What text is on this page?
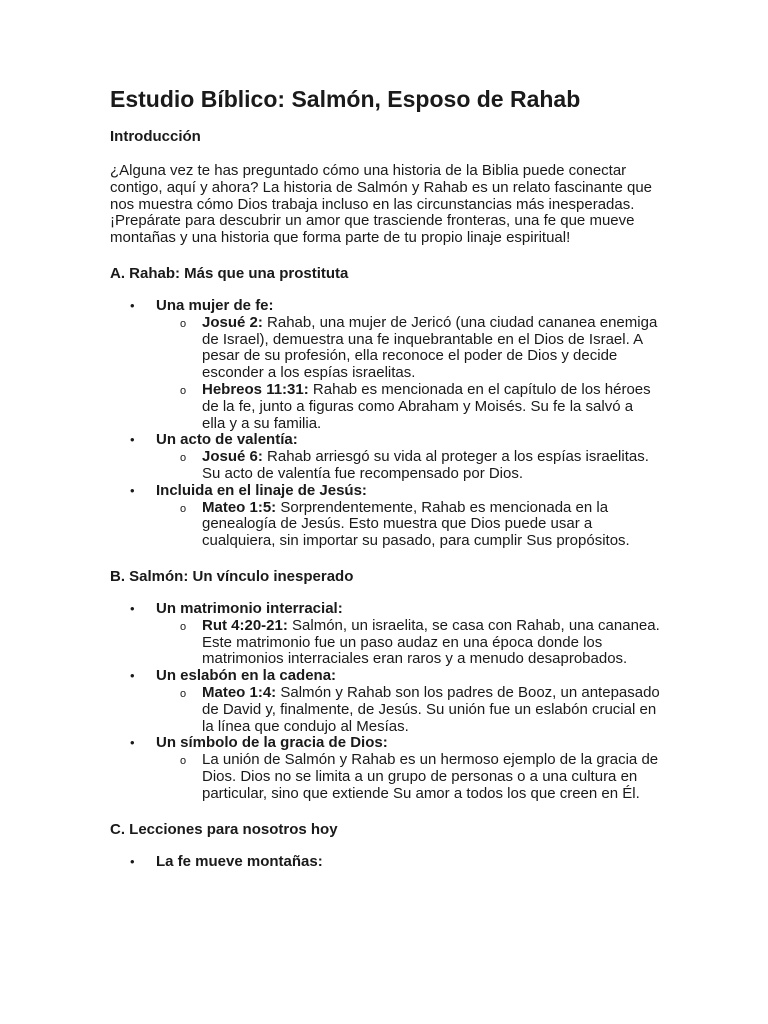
Estudio Bíblico: Salmón, Esposo de Rahab
Introducción

¿Alguna vez te has preguntado cómo una historia de la Biblia puede conectar contigo, aquí y ahora? La historia de Salmón y Rahab es un relato fascinante que nos muestra cómo Dios trabaja incluso en las circunstancias más inesperadas. ¡Prepárate para descubrir un amor que trasciende fronteras, una fe que mueve montañas y una historia que forma parte de tu propio linaje espiritual!

A. Rahab: Más que una prostituta
•	Una mujer de fe:
o Josué 2: Rahab, una mujer de Jericó (una ciudad cananea enemiga de Israel), demuestra una fe inquebrantable en el Dios de Israel. A pesar de su profesión, ella reconoce el poder de Dios y decide esconder a los espías israelitas.
o Hebreos 11:31: Rahab es mencionada en el capítulo de los héroes de la fe, junto a figuras como Abraham y Moisés. Su fe la salvó a ella y a su familia.
•	Un acto de valentía:
o Josué 6: Rahab arriesgó su vida al proteger a los espías israelitas. Su acto de valentía fue recompensado por Dios.
•	Incluida en el linaje de Jesús:
o Mateo 1:5: Sorprendentemente, Rahab es mencionada en la genealogía de Jesús. Esto muestra que Dios puede usar a cualquiera, sin importar su pasado, para cumplir Sus propósitos.
B. Salmón: Un vínculo inesperado
•	Un matrimonio interracial:
o Rut 4:20-21: Salmón, un israelita, se casa con Rahab, una cananea. Este matrimonio fue un paso audaz en una época donde los matrimonios interraciales eran raros y a menudo desaprobados.
•	Un eslabón en la cadena:
o Mateo 1:4: Salmón y Rahab son los padres de Booz, un antepasado de David y, finalmente, de Jesús. Su unión fue un eslabón crucial en la línea que condujo al Mesías.
•	Un símbolo de la gracia de Dios:
o La unión de Salmón y Rahab es un hermoso ejemplo de la gracia de Dios. Dios no se limita a un grupo de personas o a una cultura en particular, sino que extiende Su amor a todos los que creen en Él.
C. Lecciones para nosotros hoy
•	La fe mueve montañas:
